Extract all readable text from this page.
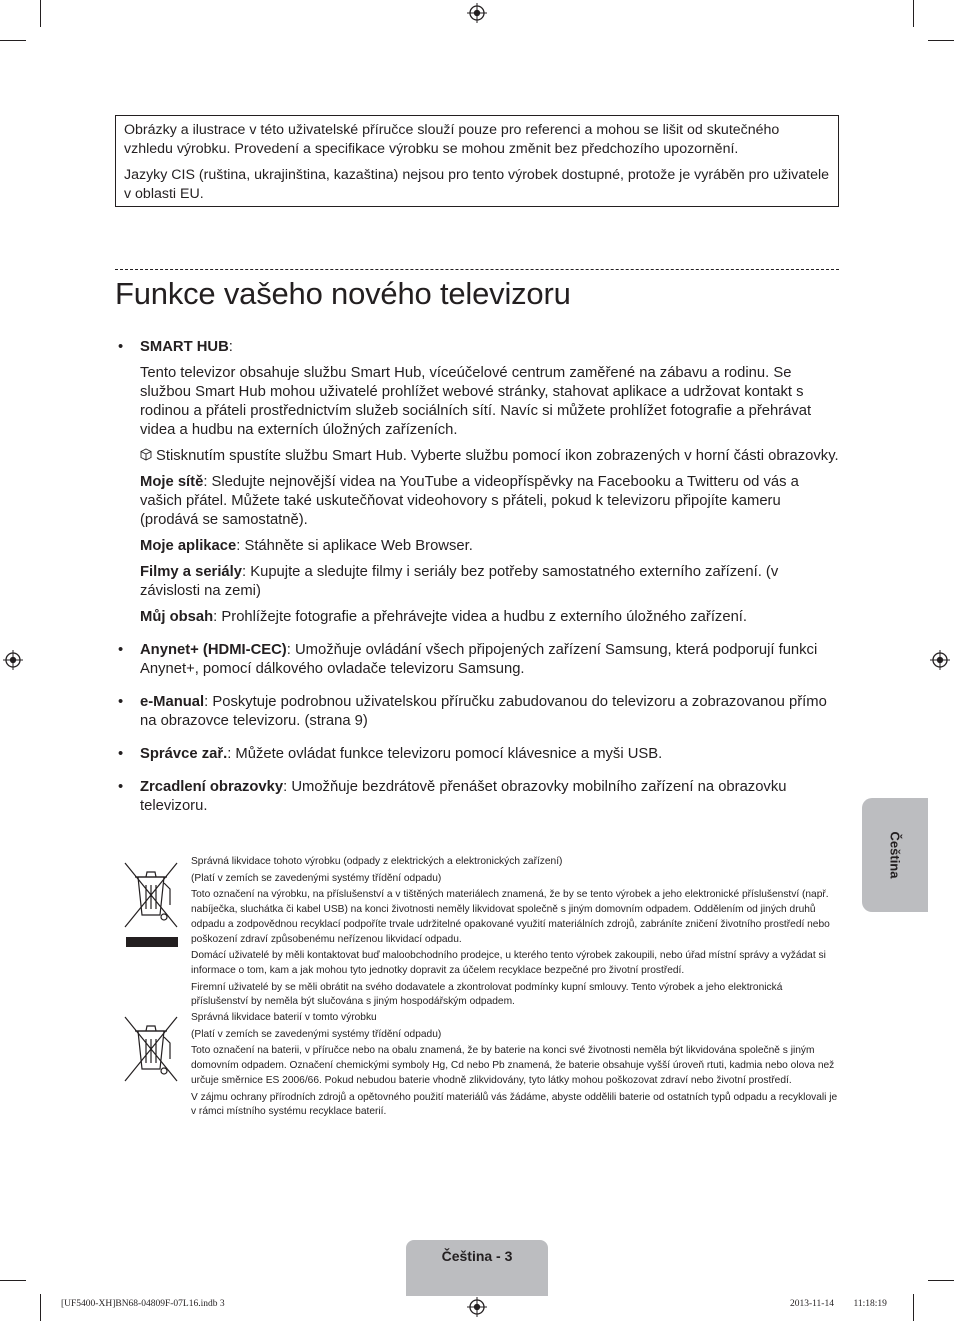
Obrázky a ilustrace v této uživatelské příručce slouží pouze pro referenci a mohou se lišit od skutečného vzhledu výrobku. Provedení a specifikace výrobku se mohou změnit bez předchozího upozornění.

Jazyky CIS (ruština, ukrajinština, kazaština) nejsou pro tento výrobek dostupné, protože je vyráběn pro uživatele v oblasti EU.

Funkce vašeho nového televizoru
• SMART HUB:

Tento televizor obsahuje službu Smart Hub, víceúčelové centrum zaměřené na zábavu a rodinu. Se službou Smart Hub mohou uživatelé prohlížet webové stránky, stahovat aplikace a udržovat kontakt s rodinou a přáteli prostřednictvím služeb sociálních sítí. Navíc si můžete prohlížet fotografie a přehrávat videa a hudbu na externích úložných zařízeních.

Stisknutím spustíte službu Smart Hub. Vyberte službu pomocí ikon zobrazených v horní části obrazovky.

Moje sítě: Sledujte nejnovější videa na YouTube a videopříspěvky na Facebooku a Twitteru od vás a vašich přátel. Můžete také uskutečňovat videohovory s přáteli, pokud k televizoru připojíte kameru (prodává se samostatně).

Moje aplikace: Stáhněte si aplikace Web Browser.

Filmy a seriály: Kupujte a sledujte filmy i seriály bez potřeby samostatného externího zařízení. (v závislosti na zemi)

Můj obsah: Prohlížejte fotografie a přehrávejte videa a hudbu z externího úložného zařízení.

• Anynet+ (HDMI-CEC): Umožňuje ovládání všech připojených zařízení Samsung, která podporují funkci Anynet+, pomocí dálkového ovladače televizoru Samsung.

• e-Manual: Poskytuje podrobnou uživatelskou příručku zabudovanou do televizoru a zobrazovanou přímo na obrazovce televizoru. (strana 9)

• Správce zař.: Můžete ovládat funkce televizoru pomocí klávesnice a myši USB.

• Zrcadlení obrazovky: Umožňuje bezdrátově přenášet obrazovky mobilního zařízení na obrazovku televizoru.

Čeština

Správná likvidace tohoto výrobku (odpady z elektrických a elektronických zařízení)

(Platí v zemích se zavedenými systémy třídění odpadu)

Toto označení na výrobku, na příslušenství a v tištěných materiálech znamená, že by se tento výrobek a jeho elektronické příslušenství (např. nabíječka, sluchátka či kabel USB) na konci životnosti neměly likvidovat společně s jiným domovním odpadem. Oddělením od jiných druhů odpadu a zodpovědnou recyklací podpoříte trvale udržitelné opakované využití materiálních zdrojů, zabráníte zničení životního prostředí nebo poškození zdraví způsobenému neřízenou likvidací odpadu.

Domácí uživatelé by měli kontaktovat buď maloobchodního prodejce, u kterého tento výrobek zakoupili, nebo úřad místní správy a vyžádat si informace o tom, kam a jak mohou tyto jednotky dopravit za účelem recyklace bezpečné pro životní prostředí.

Firemní uživatelé by se měli obrátit na svého dodavatele a zkontrolovat podmínky kupní smlouvy. Tento výrobek a jeho elektronická příslušenství by neměla být slučována s jiným hospodářským odpadem.

Správná likvidace baterií v tomto výrobku

(Platí v zemích se zavedenými systémy třídění odpadu)

Toto označení na baterii, v příručce nebo na obalu znamená, že by baterie na konci své životnosti neměla být likvidována společně s jiným domovním odpadem. Označení chemickými symboly Hg, Cd nebo Pb znamená, že baterie obsahuje vyšší úroveň rtuti, kadmia nebo olova než určuje směrnice ES 2006/66. Pokud nebudou baterie vhodně zlikvidovány, tyto látky mohou poškozovat zdraví nebo životní prostředí.

V zájmu ochrany přírodních zdrojů a opětovného použití materiálů vás žádáme, abyste oddělili baterie od ostatních typů odpadu a recyklovali je v rámci místního systému recyklace baterií.

Čeština - 3
[UF5400-XH]BN68-04809F-07L16.indb 3	2013-11-14 ￿￿ 11:18:19
